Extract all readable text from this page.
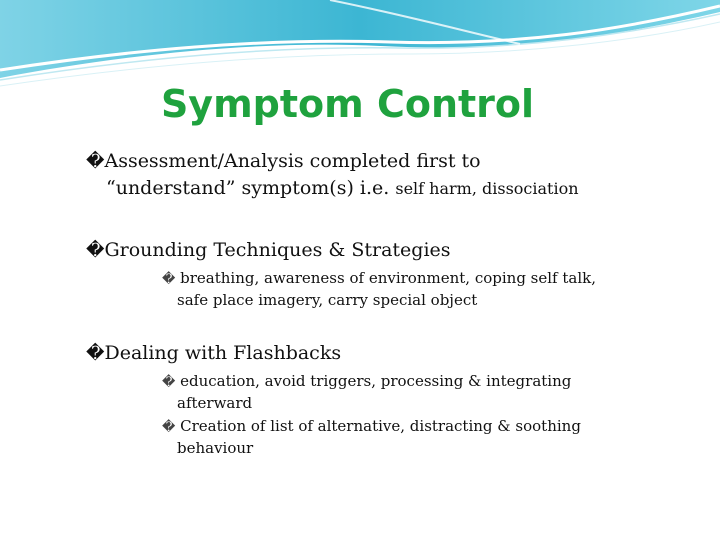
Symptom Control
�Assessment/Analysis completed first to
“understand” symptom(s) i.e. self harm, dissociation
�Grounding Techniques & Strategies
� breathing, awareness of environment, coping self talk,
safe place imagery, carry special object
�Dealing with Flashbacks
� education, avoid triggers, processing & integrating
afterward
� Creation of list of alternative, distracting & soothing
behaviour
